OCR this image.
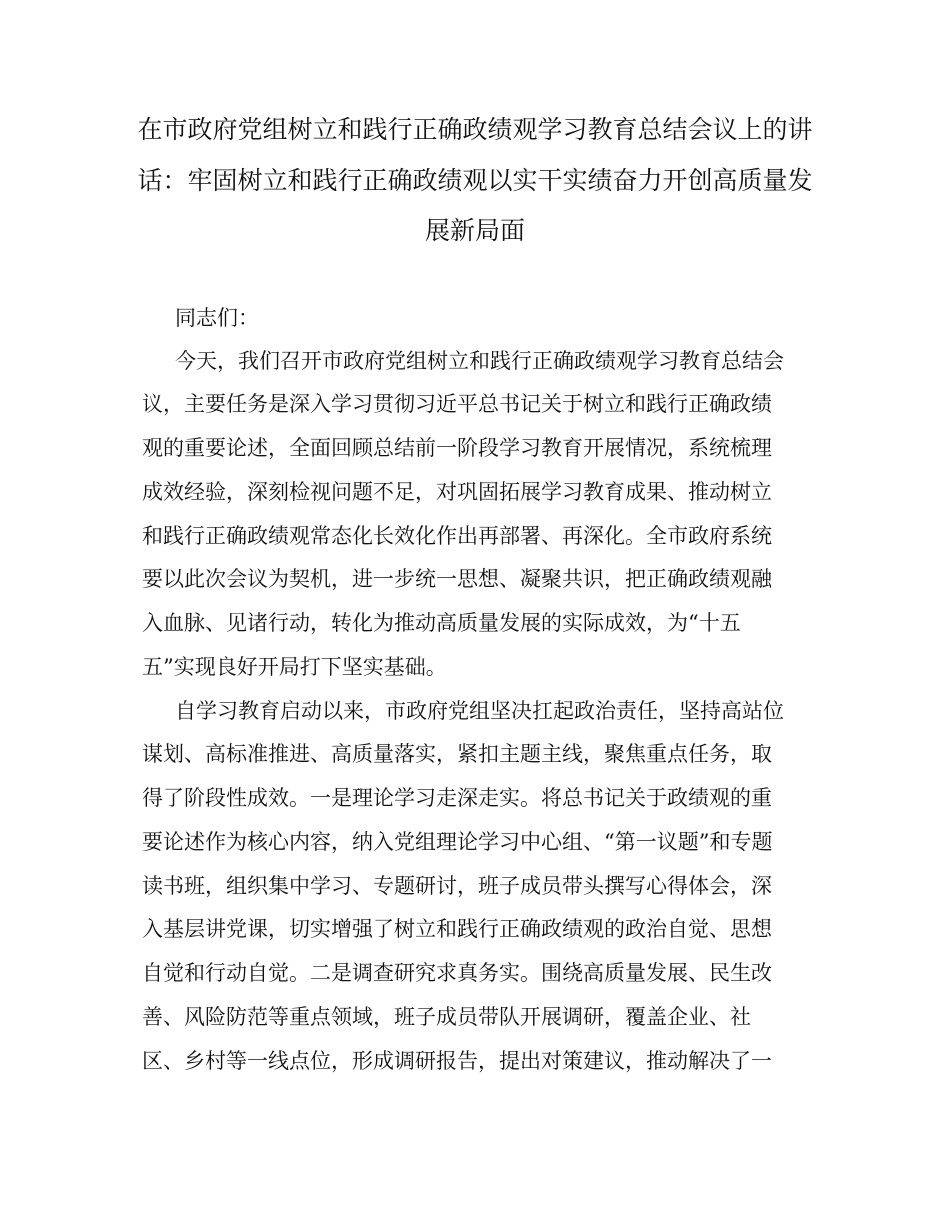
在市政府党组树立和践行正确政绩观学习教育总结会议上的讲
话：牢固树立和践行正确政绩观以实干实绩奋力开创高质量发
展新局面
同志们：
今天，我们召开市政府党组树立和践行正确政绩观学习教育总结会
议，主要任务是深入学习贯彻习近平总书记关于树立和践行正确政绩
观的重要论述，全面回顾总结前一阶段学习教育开展情况，系统梳理
成效经验，深刻检视问题不足，对巩固拓展学习教育成果、推动树立
和践行正确政绩观常态化长效化作出再部署、再深化。全市政府系统
要以此次会议为契机，进一步统一思想、凝聚共识，把正确政绩观融
入血脉、见诸行动，转化为推动高质量发展的实际成效，为“十五
五”实现良好开局打下坚实基础。
自学习教育启动以来，市政府党组坚决扛起政治责任，坚持高站位
谋划、高标准推进、高质量落实，紧扣主题主线，聚焦重点任务，取
得了阶段性成效。一是理论学习走深走实。将总书记关于政绩观的重
要论述作为核心内容，纳入党组理论学习中心组、“第一议题”和专题
读书班，组织集中学习、专题研讨，班子成员带头撰写心得体会，深
入基层讲党课，切实增强了树立和践行正确政绩观的政治自觉、思想
自觉和行动自觉。二是调查研究求真务实。围绕高质量发展、民生改
善、风险防范等重点领域，班子成员带队开展调研，覆盖企业、社
区、乡村等一线点位，形成调研报告，提出对策建议，推动解决了一
